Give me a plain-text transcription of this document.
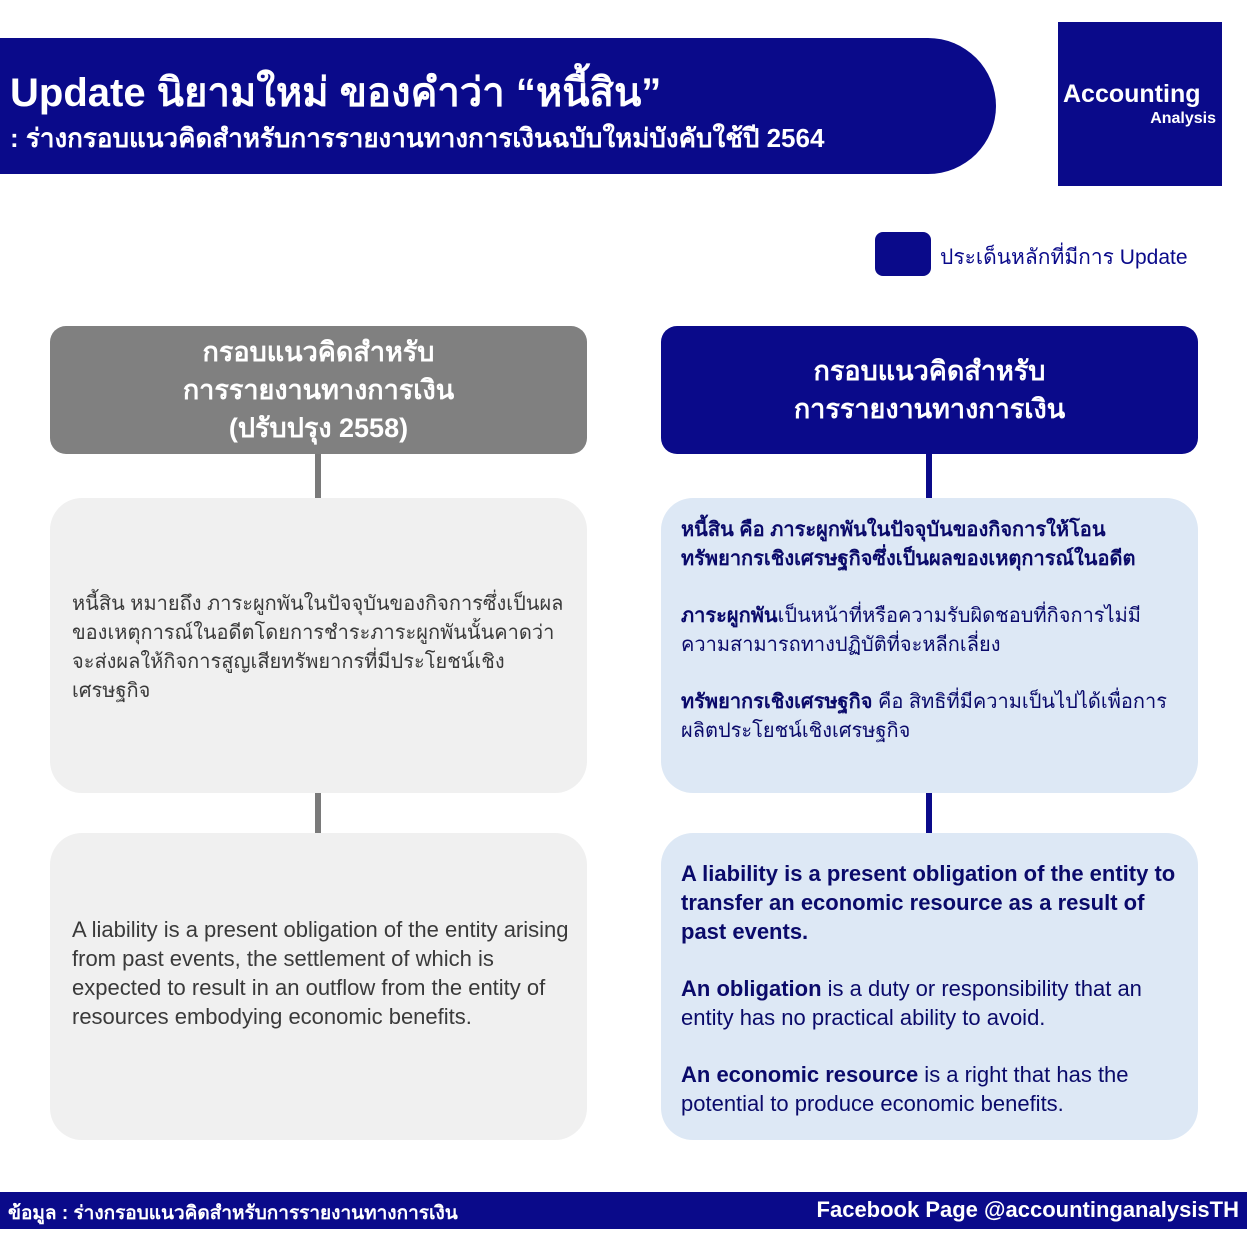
Update นิยามใหม่ ของคำว่า “หนี้สิน”
: ร่างกรอบแนวคิดสำหรับการรายงานทางการเงินฉบับใหม่บังคับใช้ปี 2564
Accounting
Analysis
ประเด็นหลักที่มีการ Update
กรอบแนวคิดสำหรับ
การรายงานทางการเงิน
(ปรับปรุง 2558)
กรอบแนวคิดสำหรับ
การรายงานทางการเงิน
หนี้สิน หมายถึง ภาระผูกพันในปัจจุบันของกิจการซึ่งเป็นผลของเหตุการณ์ในอดีตโดยการชำระภาระผูกพันนั้นคาดว่าจะส่งผลให้กิจการสูญเสียทรัพยากรที่มีประโยชน์เชิงเศรษฐกิจ
A liability is a present obligation of the entity arising from past events, the settlement of which is expected to result in an outflow from the entity of resources embodying economic benefits.

หนี้สิน คือ ภาระผูกพันในปัจจุบันของกิจการให้โอนทรัพยากรเชิงเศรษฐกิจซึ่งเป็นผลของเหตุการณ์ในอดีต

ภาระผูกพันเป็นหน้าที่หรือความรับผิดชอบที่กิจการไม่มีความสามารถทางปฏิบัติที่จะหลีกเลี่ยง

ทรัพยากรเชิงเศรษฐกิจ คือ สิทธิที่มีความเป็นไปได้เพื่อการผลิตประโยชน์เชิงเศรษฐกิจ

A liability is a present obligation of the entity to transfer an economic resource as a result of past events.

An obligation is a duty or responsibility that an entity has no practical ability to avoid.

An economic resource is a right that has the potential to produce economic benefits.

ข้อมูล : ร่างกรอบแนวคิดสำหรับการรายงานทางการเงิน	Facebook Page @accountinganalysisTH
